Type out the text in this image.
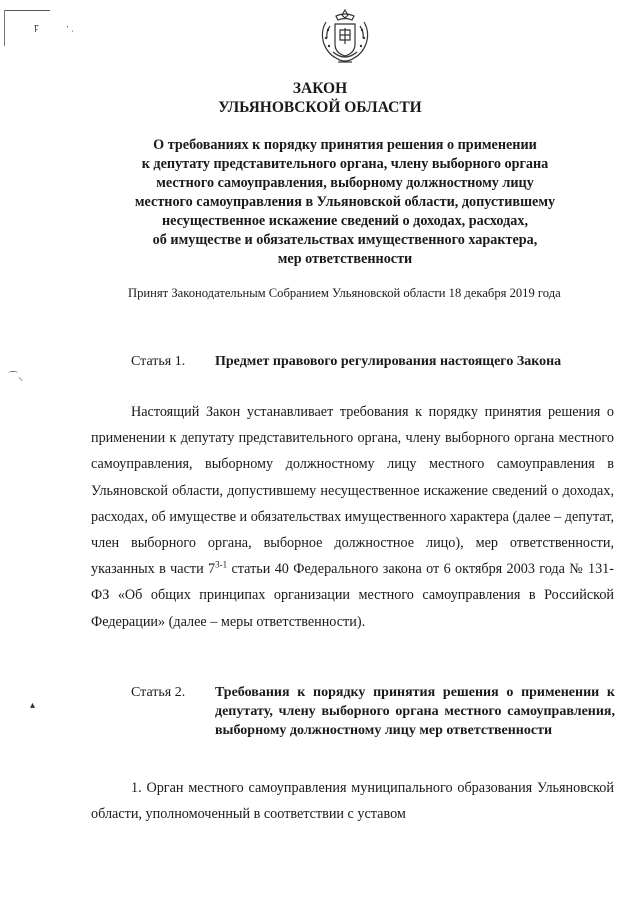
ꝼ	‧ ˌ
⌒⸜
▴
ЗАКОН
УЛЬЯНОВСКОЙ ОБЛАСТИ
О требованиях к порядку принятия решения о применении
к депутату представительного органа, члену выборного органа
местного самоуправления, выборному должностному лицу
местного самоуправления в Ульяновской области, допустившему
несущественное искажение сведений о доходах, расходах,
об имуществе и обязательствах имущественного характера,
мер ответственности
Принят Законодательным Собранием Ульяновской области 18 декабря 2019 года
Статья 1. Предмет правового регулирования настоящего Закона

Настоящий Закон устанавливает требования к порядку принятия решения о применении к депутату представительного органа, члену выборного органа местного самоуправления, выборному должностному лицу местного самоуправления в Ульяновской области, допустившему несущественное искажение сведений о доходах, расходах, об имуществе и обязательствах имущественного характера (далее – депутат, член выборного органа, выборное должностное лицо), мер ответственности, указанных в части 7$^{3-1}$ статьи 40 Федерального закона от 6 октября 2003 года № 131-ФЗ «Об общих принципах организации местного самоуправления в Российской Федерации» (далее – меры ответственности).

Статья 2. Требования к порядку принятия решения о применении к депутату, члену выборного органа местного самоуправления, выборному должностному лицу мер ответственности

1. Орган местного самоуправления муниципального образования Ульяновской области, уполномоченный в соответствии с уставом
